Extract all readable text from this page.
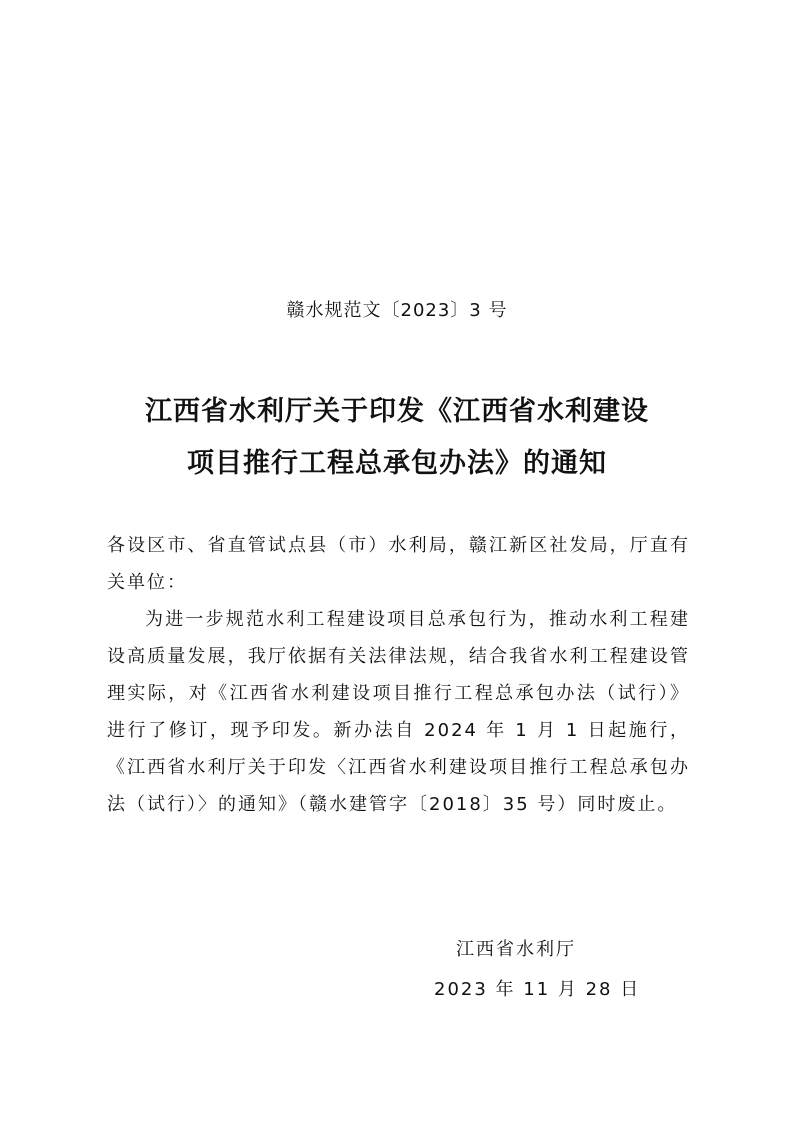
赣水规范文〔2023〕3 号

江西省水利厅关于印发《江西省水利建设
项目推行工程总承包办法》的通知

各设区市、省直管试点县（市）水利局，赣江新区社发局，厅直有关单位：

为进一步规范水利工程建设项目总承包行为，推动水利工程建设高质量发展，我厅依据有关法律法规，结合我省水利工程建设管理实际，对《江西省水利建设项目推行工程总承包办法（试行）》进行了修订，现予印发。新办法自 2024 年 1 月 1 日起施行，《江西省水利厅关于印发〈江西省水利建设项目推行工程总承包办法（试行）〉的通知》（赣水建管字〔2018〕35 号）同时废止。

江西省水利厅

2023 年 11 月 28 日
